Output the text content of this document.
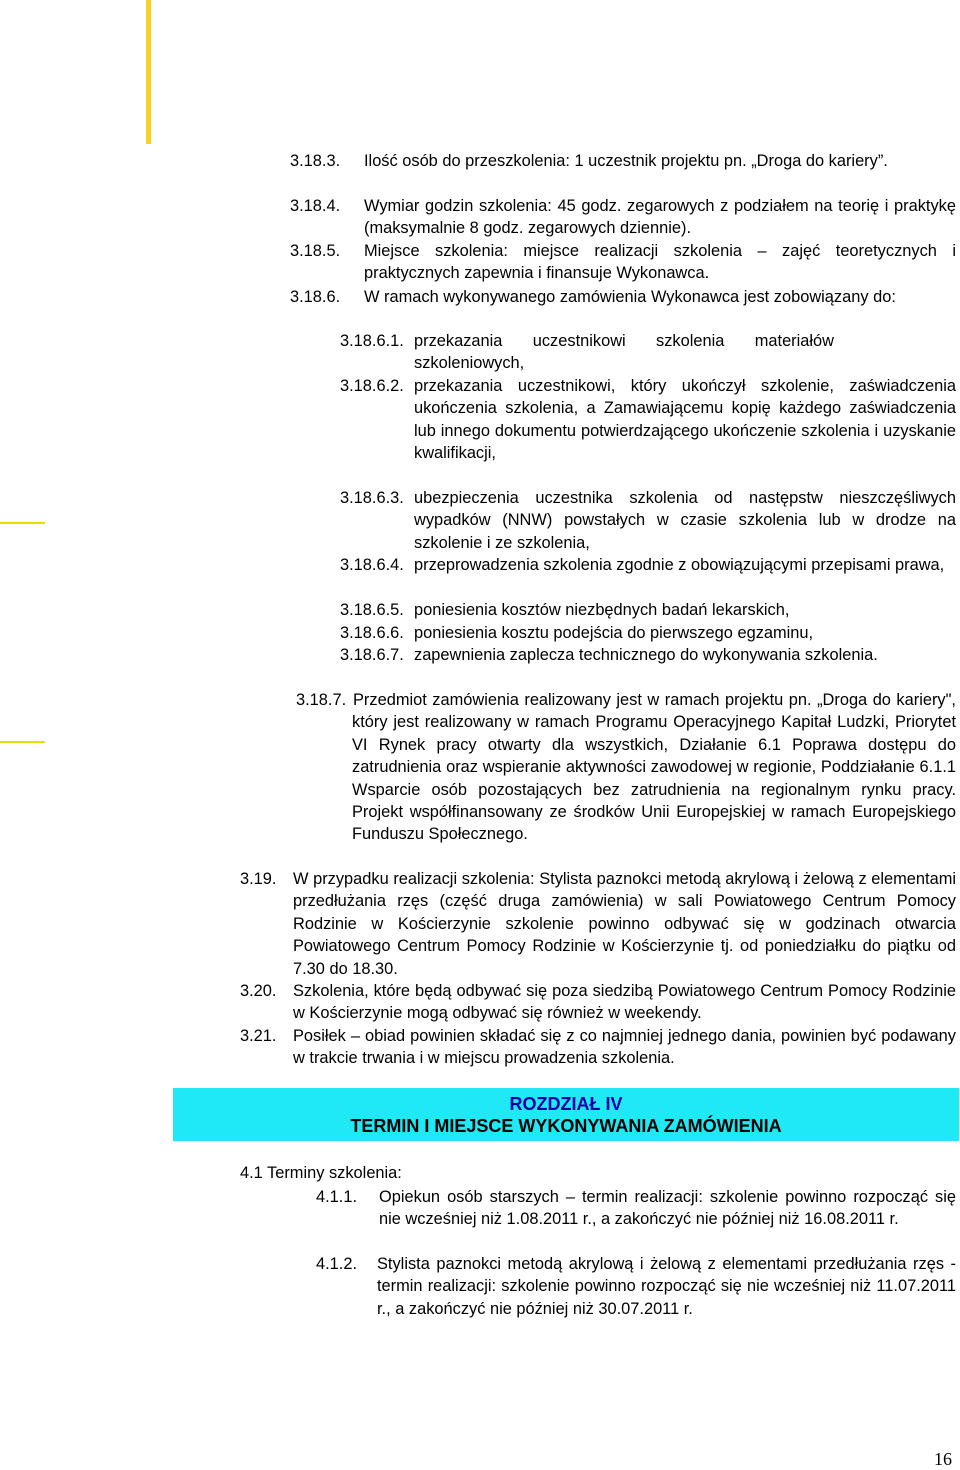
3.18.3. Ilość osób do przeszkolenia: 1 uczestnik projektu pn. „Droga do kariery”.
3.18.4. Wymiar godzin szkolenia: 45 godz. zegarowych z podziałem na teorię i praktykę (maksymalnie 8 godz. zegarowych dziennie).
3.18.5. Miejsce szkolenia: miejsce realizacji szkolenia – zajęć teoretycznych i praktycznych zapewnia i finansuje Wykonawca.
3.18.6. W ramach wykonywanego zamówienia Wykonawca jest zobowiązany do:
3.18.6.1. przekazania uczestnikowi szkolenia materiałów szkoleniowych,
3.18.6.2. przekazania uczestnikowi, który ukończył szkolenie, zaświadczenia ukończenia szkolenia, a Zamawiającemu kopię każdego zaświadczenia lub innego dokumentu potwierdzającego ukończenie szkolenia i uzyskanie kwalifikacji,
3.18.6.3. ubezpieczenia uczestnika szkolenia od następstw nieszczęśliwych wypadków (NNW) powstałych w czasie szkolenia lub w drodze na szkolenie i ze szkolenia,
3.18.6.4. przeprowadzenia szkolenia zgodnie z obowiązującymi przepisami prawa,
3.18.6.5. poniesienia kosztów niezbędnych badań lekarskich,
3.18.6.6. poniesienia kosztu podejścia do pierwszego egzaminu,
3.18.6.7. zapewnienia zaplecza technicznego do wykonywania szkolenia.
3.18.7. Przedmiot zamówienia realizowany jest w ramach projektu pn. „Droga do kariery", który jest realizowany w ramach Programu Operacyjnego Kapitał Ludzki, Priorytet VI Rynek pracy otwarty dla wszystkich, Działanie 6.1 Poprawa dostępu do zatrudnienia oraz wspieranie aktywności zawodowej w regionie, Poddziałanie 6.1.1 Wsparcie osób pozostających bez zatrudnienia na regionalnym rynku pracy. Projekt współfinansowany ze środków Unii Europejskiej w ramach Europejskiego Funduszu Społecznego.
3.19. W przypadku realizacji szkolenia: Stylista paznokci metodą akrylową i żelową z elementami przedłużania rzęs (część druga zamówienia) w sali Powiatowego Centrum Pomocy Rodzinie w Kościerzynie szkolenie powinno odbywać się w godzinach otwarcia Powiatowego Centrum Pomocy Rodzinie w Kościerzynie tj. od poniedziałku do piątku od 7.30 do 18.30.
3.20. Szkolenia, które będą odbywać się poza siedzibą Powiatowego Centrum Pomocy Rodzinie w Kościerzynie mogą odbywać się również w weekendy.
3.21. Posiłek – obiad powinien składać się z co najmniej jednego dania, powinien być podawany w trakcie trwania i w miejscu prowadzenia szkolenia.
ROZDZIAŁ IV
TERMIN I MIEJSCE WYKONYWANIA ZAMÓWIENIA
4.1 Terminy szkolenia:
4.1.1. Opiekun osób starszych – termin realizacji: szkolenie powinno rozpocząć się nie wcześniej niż 1.08.2011 r., a zakończyć nie później niż 16.08.2011 r.
4.1.2. Stylista paznokci metodą akrylową i żelową z elementami przedłużania rzęs - termin realizacji: szkolenie powinno rozpocząć się nie wcześniej niż 11.07.2011 r., a zakończyć nie później niż 30.07.2011 r.
16
